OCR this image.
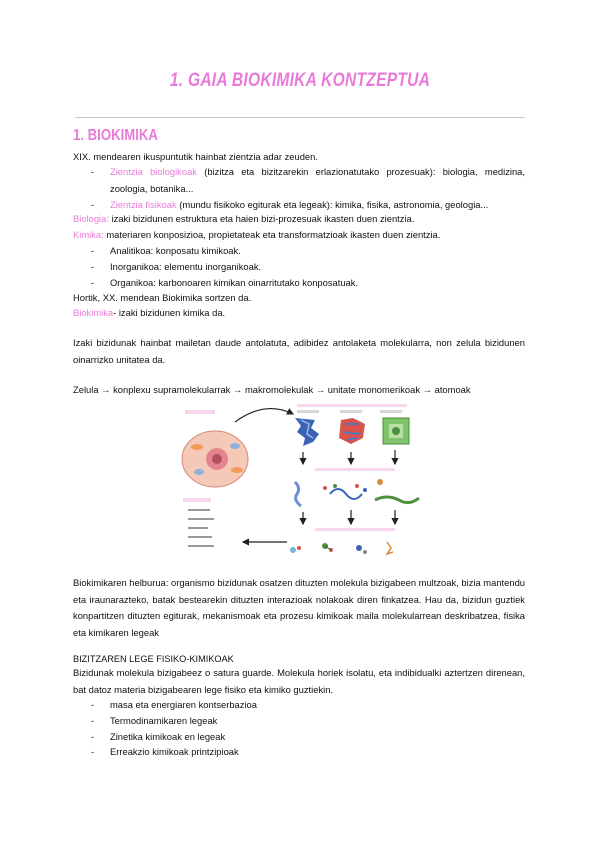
1. GAIA BIOKIMIKA KONTZEPTUA
1. BIOKIMIKA
XIX. mendearen ikuspuntutik hainbat zientzia adar zeuden.
- Zientzia biologikoak (bizitza eta bizitzarekin erlazionatutako prozesuak): biologia, medizina, zoologia, botanika...
- Zientzia fisikoak (mundu fisikoko egiturak eta legeak): kimika, fisika, astronomia, geologia...
Biologia: izaki bizidunen estruktura eta haien bizi-prozesuak ikasten duen zientzia.
Kimika: materiaren konposizioa, propietateak eta transformatzioak ikasten duen zientzia.
- Analitikoa: konposatu kimikoak.
- Inorganikoa: elementu inorganikoak.
- Organikoa: karbonoaren kimikan oinarritutako konposatuak.
Hortik, XX. mendean Biokimika sortzen da.
Biokimika- izaki bizidunen kimika da.
Izaki bizidunak hainbat mailetan daude antolatuta, adibidez antolaketa molekularra, non zelula bizidunen oinarrizko unitatea da.
Zelula → konplexu supramolekularrak → makromolekulak → unitate monomerikoak → atomoak
Biokimikaren helburua: organismo bizidunak osatzen dituzten molekula bizigabeen multzoak, bizia mantendu eta iraunarazteko, batak bestearekin dituzten interazioak nolakoak diren finkatzea. Hau da, bizidun guztiek konpartitzen dituzten egiturak, mekanismoak eta prozesu kimikoak maila molekularrean deskribatzea, fisika eta kimikaren legeak
BIZITZAREN LEGE FISIKO-KIMIKOAK
Bizidunak molekula bizigabeez o satura guarde. Molekula horiek isolatu, eta indibidualki aztertzen direnean, bat datoz materia bizigabearen lege fisiko eta kimiko guztiekin.
- masa eta energiaren kontserbazioa
- Termodinamikaren legeak
- Zinetika kimikoak en legeak
- Erreakzio kimikoak printzipioak
